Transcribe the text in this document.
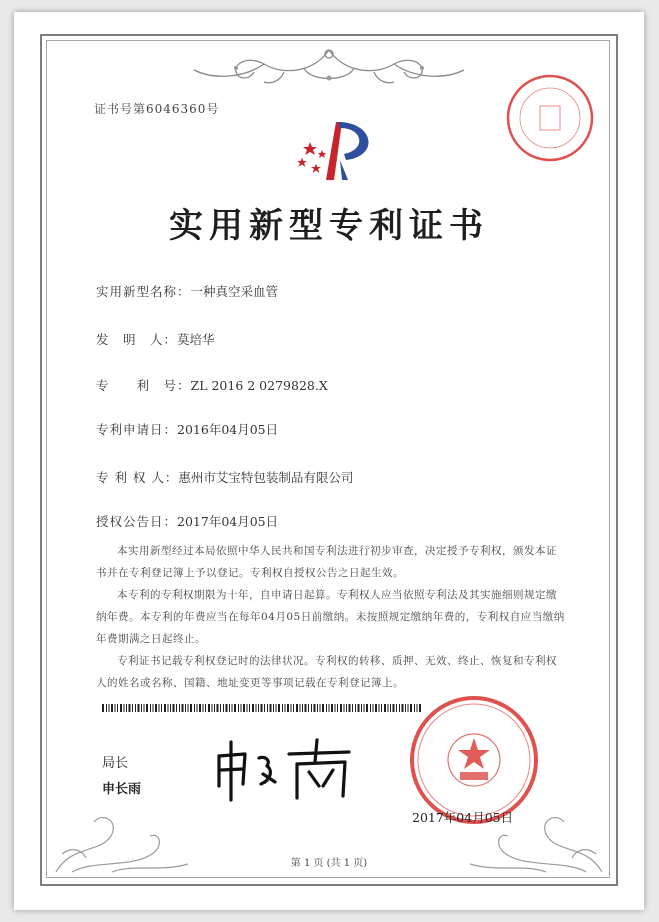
证书号第6046360号
实用新型专利证书
实用新型名称：一种真空采血管
发　明　人：莫培华
专　　利　号：ZL 2016 2 0279828.X
专利申请日：2016年04月05日
专 利 权 人：惠州市艾宝特包装制品有限公司
授权公告日：2017年04月05日

本实用新型经过本局依照中华人民共和国专利法进行初步审查，决定授予专利权，颁发本证书并在专利登记簿上予以登记。专利权自授权公告之日起生效。

本专利的专利权期限为十年，自申请日起算。专利权人应当依照专利法及其实施细则规定缴纳年费。本专利的年费应当在每年04月05日前缴纳。未按照规定缴纳年费的，专利权自应当缴纳年费期满之日起终止。

专利证书记载专利权登记时的法律状况。专利权的转移、质押、无效、终止、恢复和专利权人的姓名或名称、国籍、地址变更等事项记载在专利登记簿上。

局长
申长雨
2017年04月05日
第 1 页 (共 1 页)
